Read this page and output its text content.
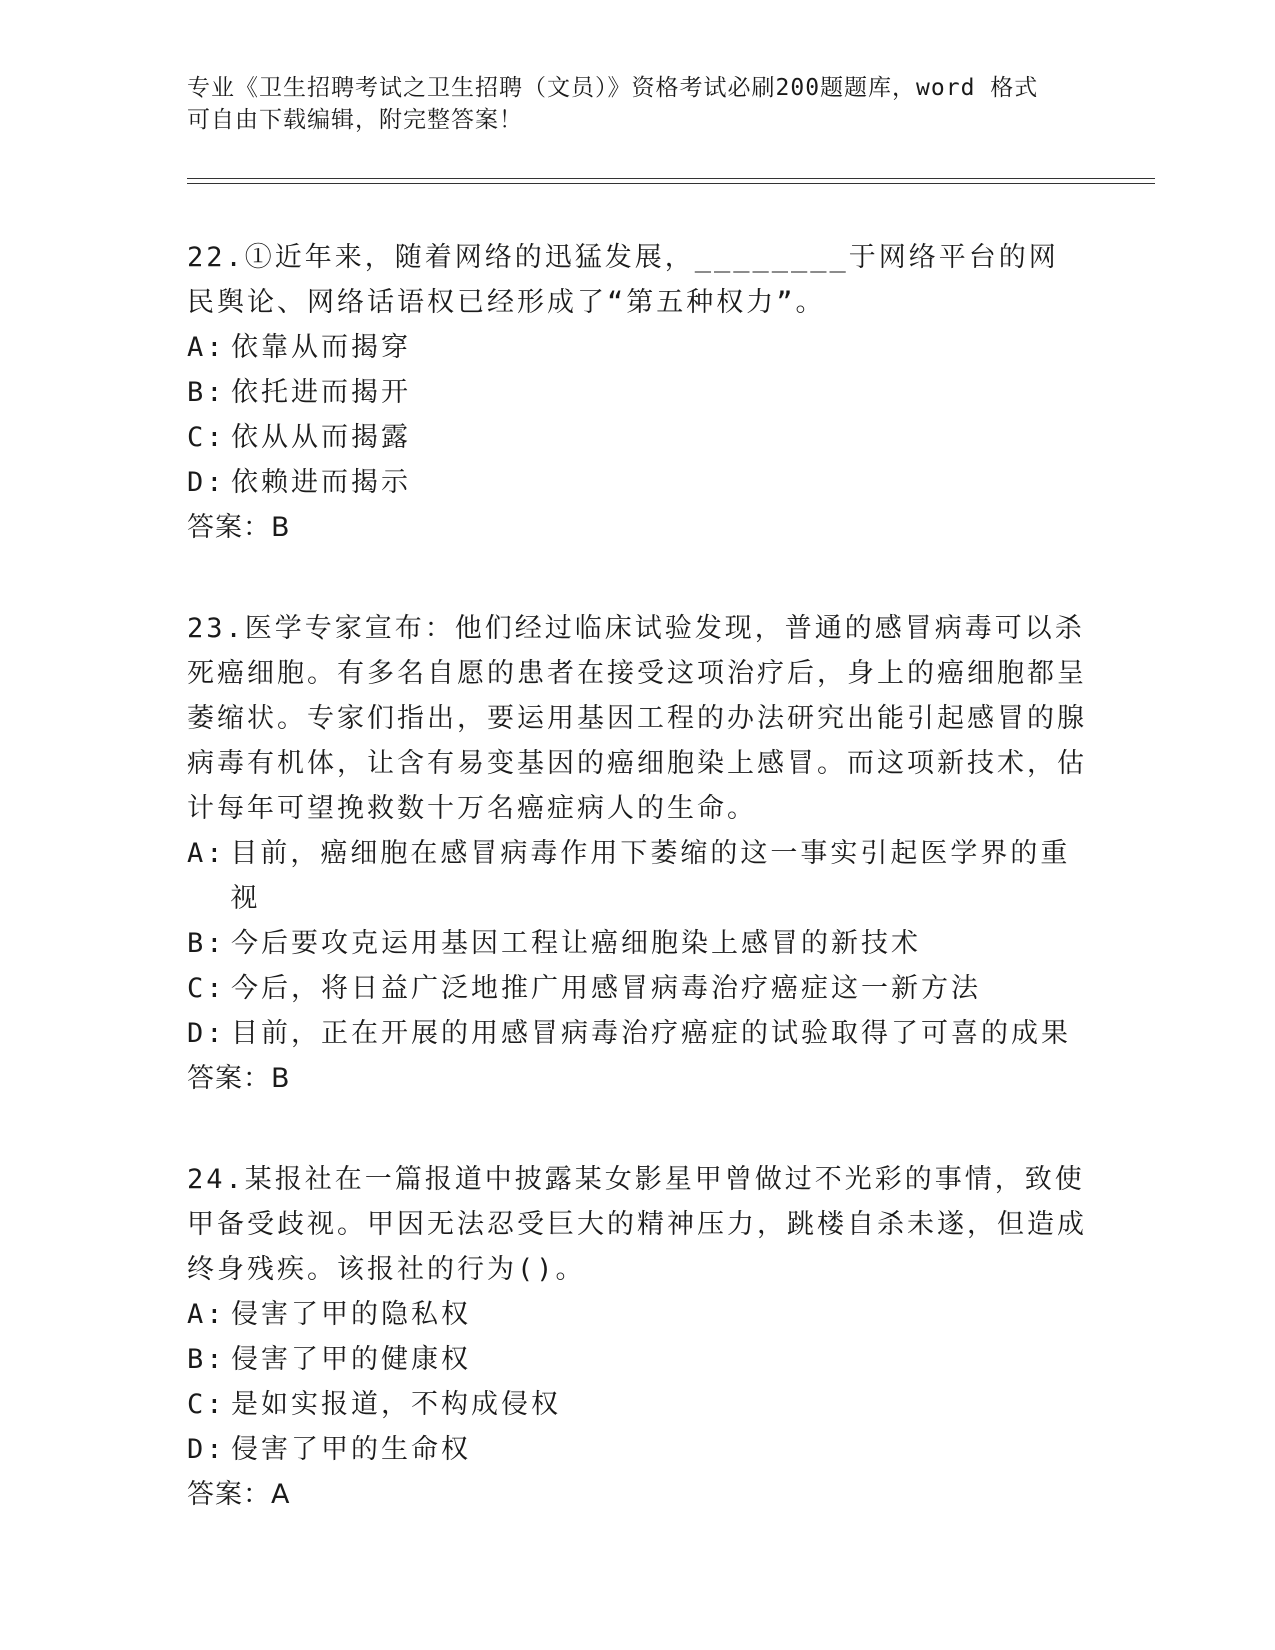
专业《卫生招聘考试之卫生招聘（文员）》资格考试必刷200题题库，word 格式
可自由下载编辑，附完整答案！

22.①近年来，随着网络的迅猛发展，________于网络平台的网民舆论、网络话语权已经形成了“第五种权力”。

A: 依靠从而揭穿
B: 依托进而揭开
C: 依从从而揭露
D: 依赖进而揭示
答案：B

23.医学专家宣布：他们经过临床试验发现，普通的感冒病毒可以杀死癌细胞。有多名自愿的患者在接受这项治疗后，身上的癌细胞都呈萎缩状。专家们指出，要运用基因工程的办法研究出能引起感冒的腺病毒有机体，让含有易变基因的癌细胞染上感冒。而这项新技术，估计每年可望挽救数十万名癌症病人的生命。

A: 目前，癌细胞在感冒病毒作用下萎缩的这一事实引起医学界的重视
B: 今后要攻克运用基因工程让癌细胞染上感冒的新技术
C: 今后，将日益广泛地推广用感冒病毒治疗癌症这一新方法
D: 目前，正在开展的用感冒病毒治疗癌症的试验取得了可喜的成果
答案：B

24.某报社在一篇报道中披露某女影星甲曾做过不光彩的事情，致使甲备受歧视。甲因无法忍受巨大的精神压力，跳楼自杀未遂，但造成终身残疾。该报社的行为()。

A: 侵害了甲的隐私权
B: 侵害了甲的健康权
C: 是如实报道，不构成侵权
D: 侵害了甲的生命权
答案：A
